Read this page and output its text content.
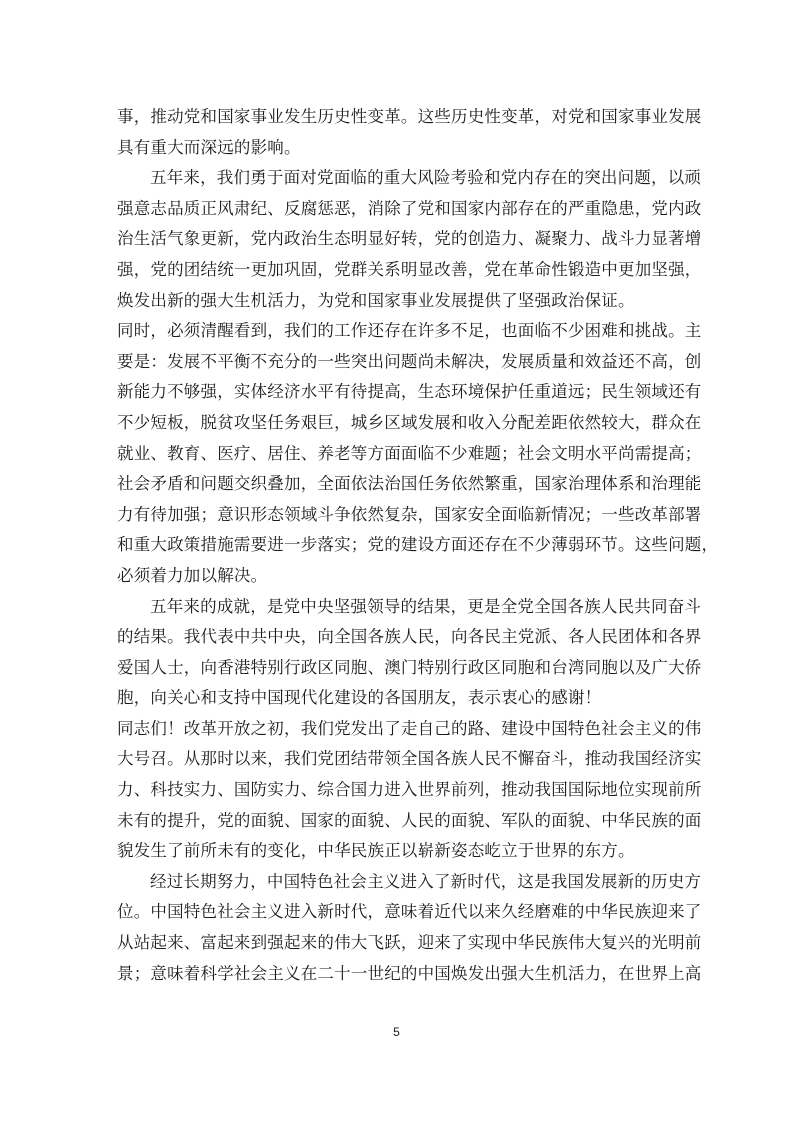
事，推动党和国家事业发生历史性变革。这些历史性变革，对党和国家事业发展
具有重大而深远的影响。
五年来，我们勇于面对党面临的重大风险考验和党内存在的突出问题，以顽
强意志品质正风肃纪、反腐惩恶，消除了党和国家内部存在的严重隐患，党内政
治生活气象更新，党内政治生态明显好转，党的创造力、凝聚力、战斗力显著增
强，党的团结统一更加巩固，党群关系明显改善，党在革命性锻造中更加坚强，
焕发出新的强大生机活力，为党和国家事业发展提供了坚强政治保证。
同时，必须清醒看到，我们的工作还存在许多不足，也面临不少困难和挑战。主
要是：发展不平衡不充分的一些突出问题尚未解决，发展质量和效益还不高，创
新能力不够强，实体经济水平有待提高，生态环境保护任重道远；民生领域还有
不少短板，脱贫攻坚任务艰巨，城乡区域发展和收入分配差距依然较大，群众在
就业、教育、医疗、居住、养老等方面面临不少难题；社会文明水平尚需提高；
社会矛盾和问题交织叠加，全面依法治国任务依然繁重，国家治理体系和治理能
力有待加强；意识形态领域斗争依然复杂，国家安全面临新情况；一些改革部署
和重大政策措施需要进一步落实；党的建设方面还存在不少薄弱环节。这些问题，
必须着力加以解决。
五年来的成就，是党中央坚强领导的结果，更是全党全国各族人民共同奋斗
的结果。我代表中共中央，向全国各族人民，向各民主党派、各人民团体和各界
爱国人士，向香港特别行政区同胞、澳门特别行政区同胞和台湾同胞以及广大侨
胞，向关心和支持中国现代化建设的各国朋友，表示衷心的感谢！
同志们！改革开放之初，我们党发出了走自己的路、建设中国特色社会主义的伟
大号召。从那时以来，我们党团结带领全国各族人民不懈奋斗，推动我国经济实
力、科技实力、国防实力、综合国力进入世界前列，推动我国国际地位实现前所
未有的提升，党的面貌、国家的面貌、人民的面貌、军队的面貌、中华民族的面
貌发生了前所未有的变化，中华民族正以崭新姿态屹立于世界的东方。
经过长期努力，中国特色社会主义进入了新时代，这是我国发展新的历史方
位。中国特色社会主义进入新时代，意味着近代以来久经磨难的中华民族迎来了
从站起来、富起来到强起来的伟大飞跃，迎来了实现中华民族伟大复兴的光明前
景；意味着科学社会主义在二十一世纪的中国焕发出强大生机活力，在世界上高
5
